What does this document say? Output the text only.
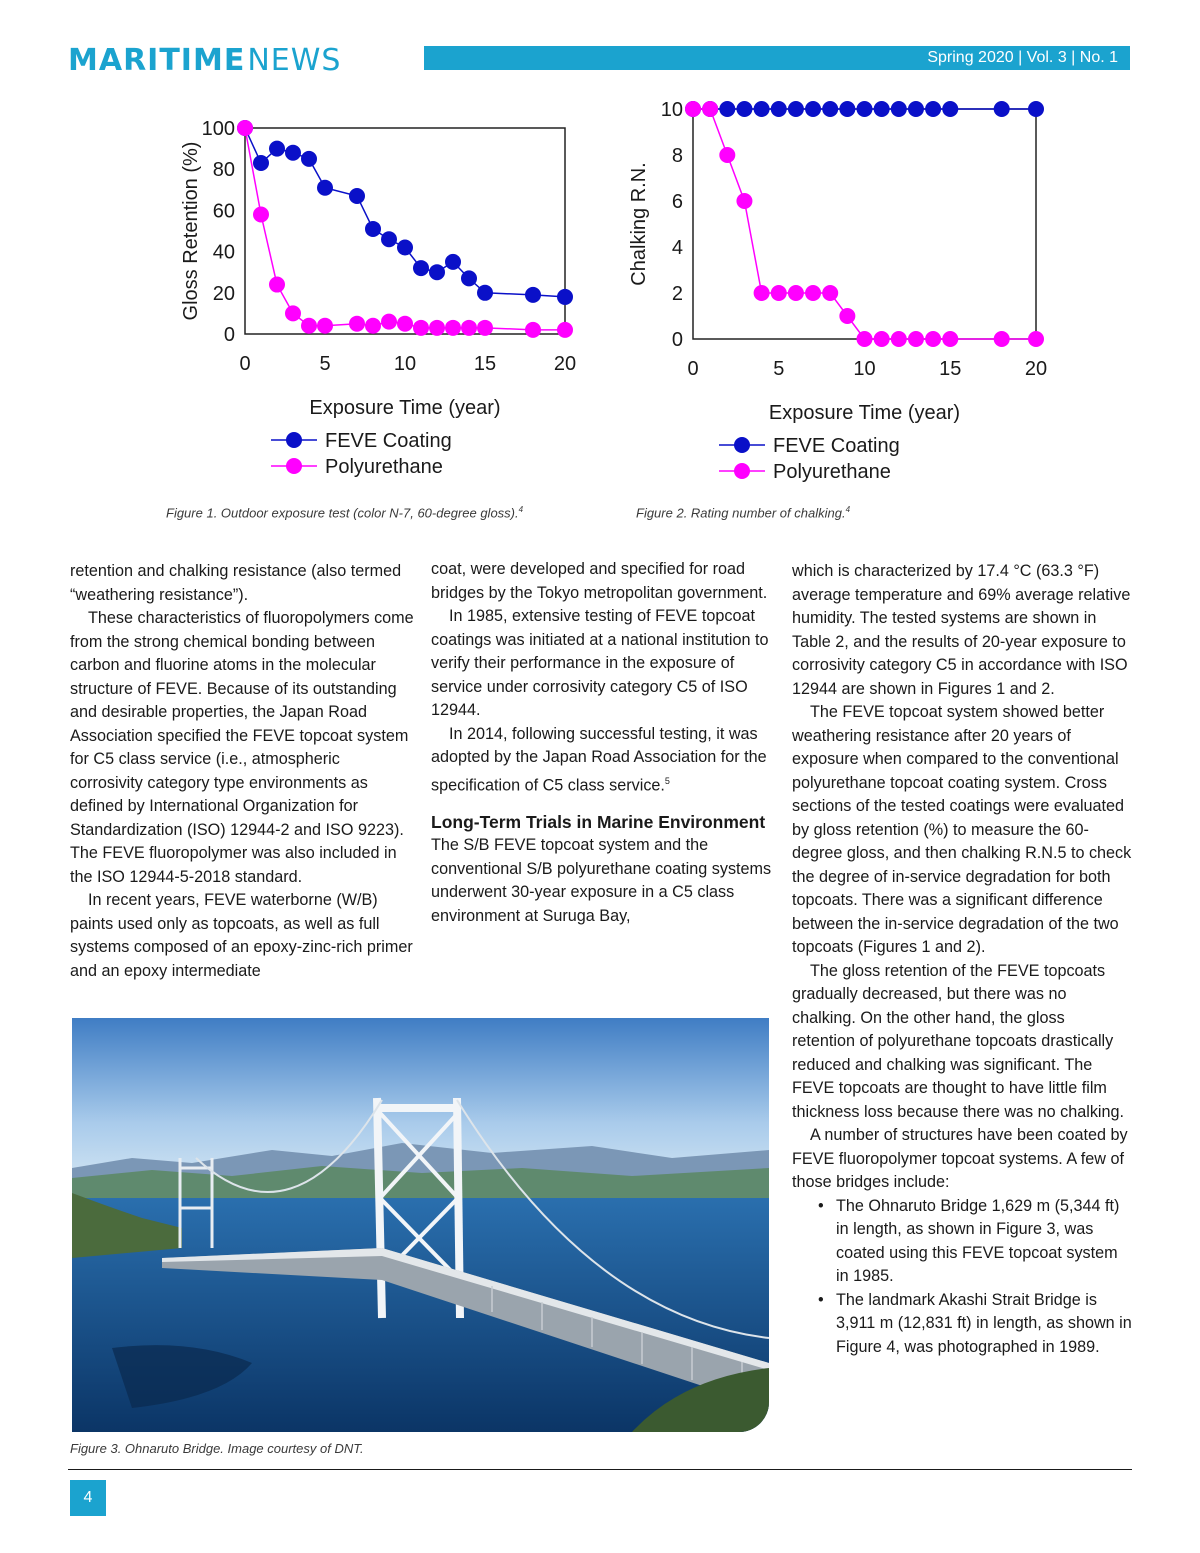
MARITIME NEWS	Spring 2020 | Vol. 3 | No. 1
0
20
40
60
80
100
0	5	10	15	20
Gloss Retention (%)
Exposure Time (year)
FEVE Coating
Polyurethane
Figure 1. Outdoor exposure test (color N-7, 60-degree gloss).$^4$
0
2
4
6
8
10
0	5	10	15	20
Chalking R.N.
Exposure Time (year)
FEVE Coating
Polyurethane
Figure 2. Rating number of chalking.$^4$

retention and chalking resistance (also termed “weathering resistance”).

These characteristics of fluoropolymers come from the strong chemical bonding between carbon and fluorine atoms in the molecular structure of FEVE. Because of its outstanding and desirable properties, the Japan Road Association specified the FEVE topcoat system for C5 class service (i.e., atmospheric corrosivity category type environments as defined by International Organization for Standardization (ISO) 12944-2 and ISO 9223). The FEVE fluoropolymer was also included in the ISO 12944-5-2018 standard.

In recent years, FEVE waterborne (W/B) paints used only as topcoats, as well as full systems composed of an epoxy-zinc-rich primer and an epoxy intermediate

coat, were developed and specified for road bridges by the Tokyo metropolitan government.

In 1985, extensive testing of FEVE topcoat coatings was initiated at a national institution to verify their performance in the exposure of service under corrosivity category C5 of ISO 12944.

In 2014, following successful testing, it was adopted by the Japan Road Association for the specification of C5 class service.$^5$

Long-Term Trials in Marine Environment

The S/B FEVE topcoat system and the conventional S/B polyurethane coating systems underwent 30-year exposure in a C5 class environment at Suruga Bay,

which is characterized by 17.4 °C (63.3 °F) average temperature and 69% average relative humidity. The tested systems are shown in Table 2, and the results of 20-year exposure to corrosivity category C5 in accordance with ISO 12944 are shown in Figures 1 and 2.

The FEVE topcoat system showed better weathering resistance after 20 years of exposure when compared to the conventional polyurethane topcoat coating system. Cross sections of the tested coatings were evaluated by gloss retention (%) to measure the 60-degree gloss, and then chalking R.N.5 to check the degree of in-service degradation for both topcoats. There was a significant difference between the in-service degradation of the two topcoats (Figures 1 and 2).

The gloss retention of the FEVE topcoats gradually decreased, but there was no chalking. On the other hand, the gloss retention of polyurethane topcoats drastically reduced and chalking was significant. The FEVE topcoats are thought to have little film thickness loss because there was no chalking.

A number of structures have been coated by FEVE fluoropolymer topcoat systems. A few of those bridges include:

• The Ohnaruto Bridge 1,629 m (5,344 ft) in length, as shown in Figure 3, was coated using this FEVE topcoat system in 1985.
• The landmark Akashi Strait Bridge is 3,911 m (12,831 ft) in length, as shown in Figure 4, was photographed in 1989.
Figure 3. Ohnaruto Bridge. Image courtesy of DNT.
4
